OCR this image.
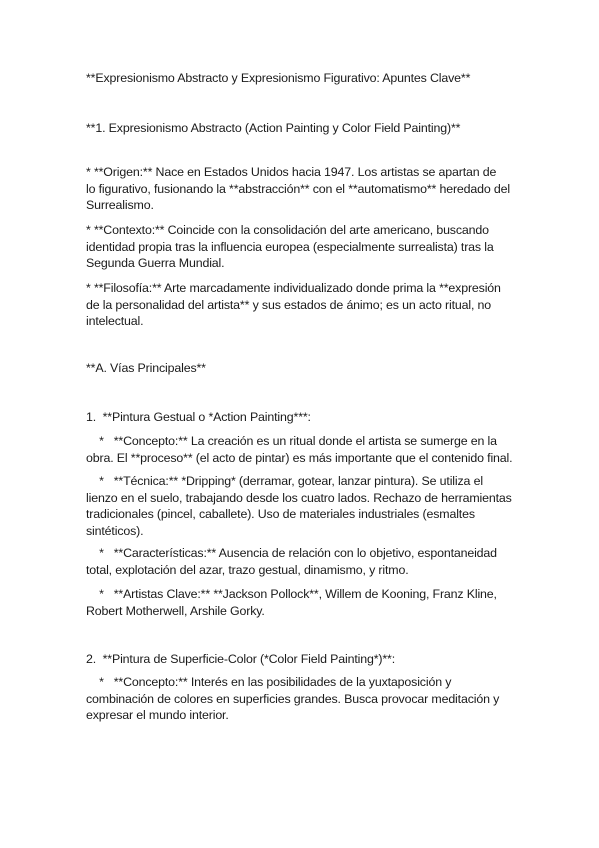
**Expresionismo Abstracto y Expresionismo Figurativo: Apuntes Clave**
**1. Expresionismo Abstracto (Action Painting y Color Field Painting)**
* **Origen:** Nace en Estados Unidos hacia 1947. Los artistas se apartan de
lo figurativo, fusionando la **abstracción** con el **automatismo** heredado del
Surrealismo.
* **Contexto:** Coincide con la consolidación del arte americano, buscando
identidad propia tras la influencia europea (especialmente surrealista) tras la
Segunda Guerra Mundial.
* **Filosofía:** Arte marcadamente individualizado donde prima la **expresión
de la personalidad del artista** y sus estados de ánimo; es un acto ritual, no
intelectual.
**A. Vías Principales**
1.  **Pintura Gestual o *Action Painting***:
*   **Concepto:** La creación es un ritual donde el artista se sumerge en la
obra. El **proceso** (el acto de pintar) es más importante que el contenido final.
*   **Técnica:** *Dripping* (derramar, gotear, lanzar pintura). Se utiliza el
lienzo en el suelo, trabajando desde los cuatro lados. Rechazo de herramientas
tradicionales (pincel, caballete). Uso de materiales industriales (esmaltes
sintéticos).
*   **Características:** Ausencia de relación con lo objetivo, espontaneidad
total, explotación del azar, trazo gestual, dinamismo, y ritmo.
*   **Artistas Clave:** **Jackson Pollock**, Willem de Kooning, Franz Kline,
Robert Motherwell, Arshile Gorky.
2.  **Pintura de Superficie-Color (*Color Field Painting*)**:
*   **Concepto:** Interés en las posibilidades de la yuxtaposición y
combinación de colores en superficies grandes. Busca provocar meditación y
expresar el mundo interior.
